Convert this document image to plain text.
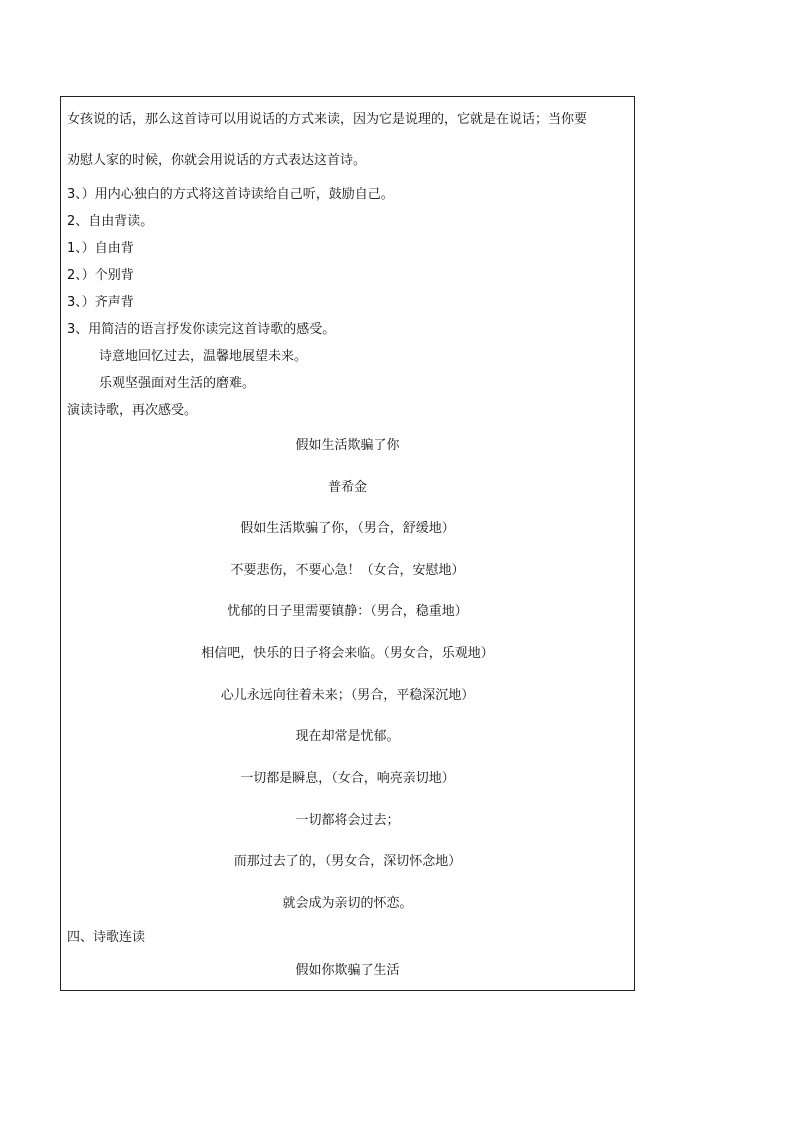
女孩说的话，那么这首诗可以用说话的方式来读，因为它是说理的，它就是在说话；当你要
劝慰人家的时候，你就会用说话的方式表达这首诗。
3、）用内心独白的方式将这首诗读给自己听，鼓励自己。
2、自由背读。
1、）自由背
2、）个别背
3、）齐声背
3、用简洁的语言抒发你读完这首诗歌的感受。
诗意地回忆过去，温馨地展望未来。
乐观坚强面对生活的磨难。
演读诗歌，再次感受。
假如生活欺骗了你
普希金
假如生活欺骗了你，（男合，舒缓地）
不要悲伤，不要心急！（女合，安慰地）
忧郁的日子里需要镇静：（男合，稳重地）
相信吧，快乐的日子将会来临。（男女合，乐观地）
心儿永远向往着未来；（男合，平稳深沉地）
现在却常是忧郁。
一切都是瞬息，（女合，响亮亲切地）
一切都将会过去；
而那过去了的，（男女合，深切怀念地）
就会成为亲切的怀恋。
四、诗歌连读
假如你欺骗了生活
